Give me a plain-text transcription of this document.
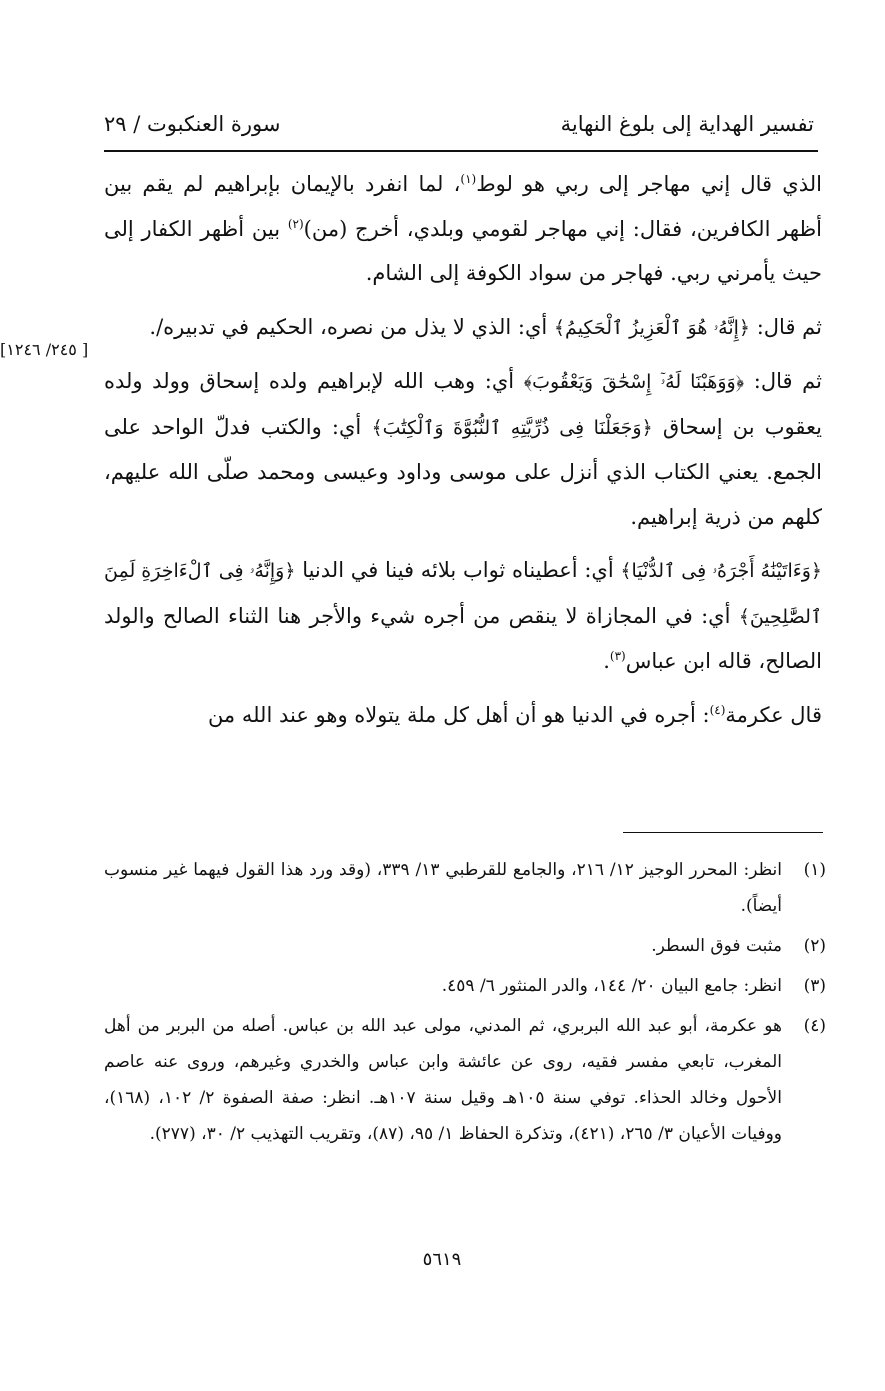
تفسير الهداية إلى بلوغ النهاية
سورة العنكبوت / ٢٩
[ ٢٤٥/ ١٢٤٦]

الذي قال إني مهاجر إلى ربي هو لوط$^{(١)}$، لما انفرد بالإيمان بإبراهيم لم يقم بين أظهر الكافرين، فقال: إني مهاجر لقومي وبلدي، أخرج (من)$^{(٢)}$ بين أظهر الكفار إلى حيث يأمرني ربي. فهاجر من سواد الكوفة إلى الشام.

ثم قال: ﴿إِنَّهُۥ هُوَ ٱلْعَزِيزُ ٱلْحَكِيمُ﴾ أي: الذي لا يذل من نصره، الحكيم في تدبيره/.

ثم قال: ﴿وَوَهَبْنَا لَهُۥٓ إِسْحَٰقَ وَيَعْقُوبَ﴾ أي: وهب الله لإبراهيم ولده إسحاق وولد ولده يعقوب بن إسحاق ﴿وَجَعَلْنَا فِى ذُرِّيَّتِهِ ٱلنُّبُوَّةَ وَٱلْكِتَٰبَ﴾ أي: والكتب فدلّ الواحد على الجمع. يعني الكتاب الذي أنزل على موسى وداود وعيسى ومحمد صلّى الله عليهم، كلهم من ذرية إبراهيم.

﴿وَءَاتَيْنَٰهُ أَجْرَهُۥ فِى ٱلدُّنْيَا﴾ أي: أعطيناه ثواب بلائه فينا في الدنيا ﴿وَإِنَّهُۥ فِى ٱلْءَاخِرَةِ لَمِنَ ٱلصَّٰلِحِينَ﴾ أي: في المجازاة لا ينقص من أجره شيء والأجر هنا الثناء الصالح والولد الصالح، قاله ابن عباس$^{(٣)}$.

قال عكرمة$^{(٤)}$: أجره في الدنيا هو أن أهل كل ملة يتولاه وهو عند الله من

(١)
انظر: المحرر الوجيز ١٢/ ٢١٦، والجامع للقرطبي ١٣/ ٣٣٩، (وقد ورد هذا القول فيهما غير منسوب أيضاً).
(٢)
مثبت فوق السطر.
(٣)
انظر: جامع البيان ٢٠/ ١٤٤، والدر المنثور ٦/ ٤٥٩.
(٤)
هو عكرمة، أبو عبد الله البربري، ثم المدني، مولى عبد الله بن عباس. أصله من البربر من أهل المغرب، تابعي مفسر فقيه، روى عن عائشة وابن عباس والخدري وغيرهم، وروى عنه عاصم الأحول وخالد الحذاء. توفي سنة ١٠٥هـ وقيل سنة ١٠٧هـ. انظر: صفة الصفوة ٢/ ١٠٢، (١٦٨)، ووفيات الأعيان ٣/ ٢٦٥، (٤٢١)، وتذكرة الحفاظ ١/ ٩٥، (٨٧)، وتقريب التهذيب ٢/ ٣٠، (٢٧٧).
٥٦١٩
